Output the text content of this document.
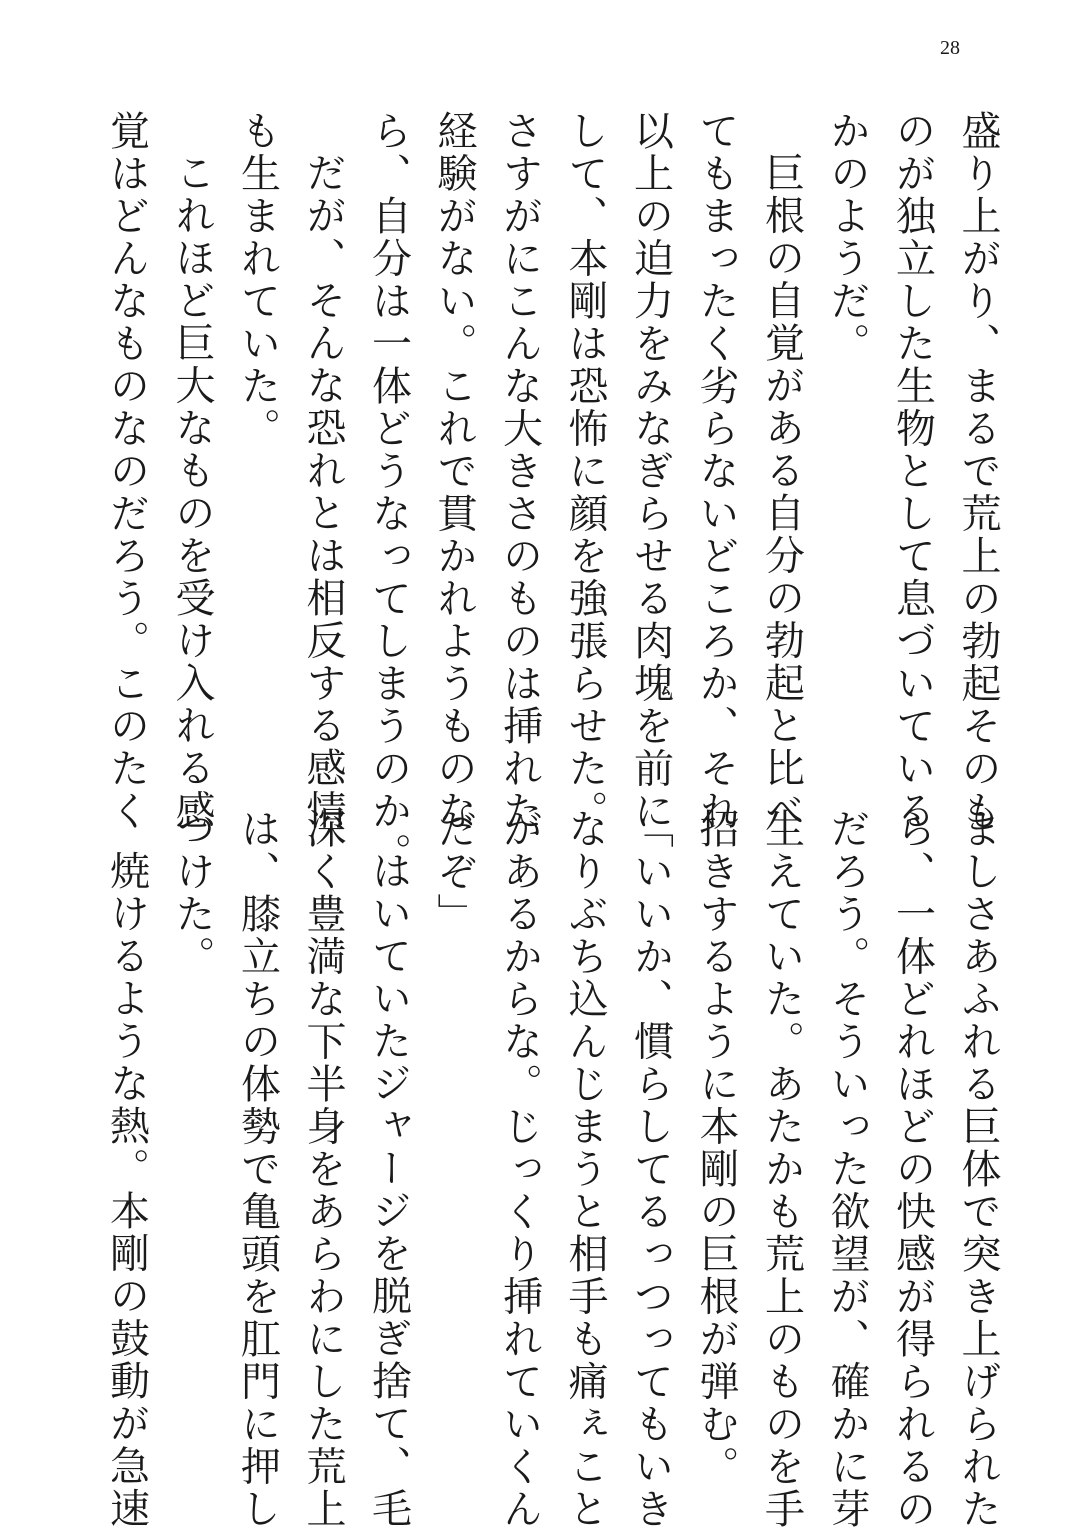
28
盛り上がり、まるで荒上の勃起そのも
のが独立した生物として息づいている
かのようだ。
巨根の自覚がある自分の勃起と比べ
てもまったく劣らないどころか、それ
以上の迫力をみなぎらせる肉塊を前に
して、本剛は恐怖に顔を強張らせた。
さすがにこんな大きさのものは挿れた
経験がない。これで貫かれようものな
ら、自分は一体どうなってしまうのか。
だが、そんな恐れとは相反する感情
も生まれていた。
これほど巨大なものを受け入れる感
覚はどんなものなのだろう。このたく
ましさあふれる巨体で突き上げられた
ら、一体どれほどの快感が得られるの
だろう。そういった欲望が、確かに芽
生えていた。あたかも荒上のものを手
招きするように本剛の巨根が弾む。
「いいか、慣らしてるっつってもいき
なりぶち込んじまうと相手も痛ぇこと
があるからな。じっくり挿れていくん
だぞ」
はいていたジャージを脱ぎ捨て、毛
深く豊満な下半身をあらわにした荒上
は、膝立ちの体勢で亀頭を肛門に押し
つけた。
焼けるような熱。本剛の鼓動が急速
